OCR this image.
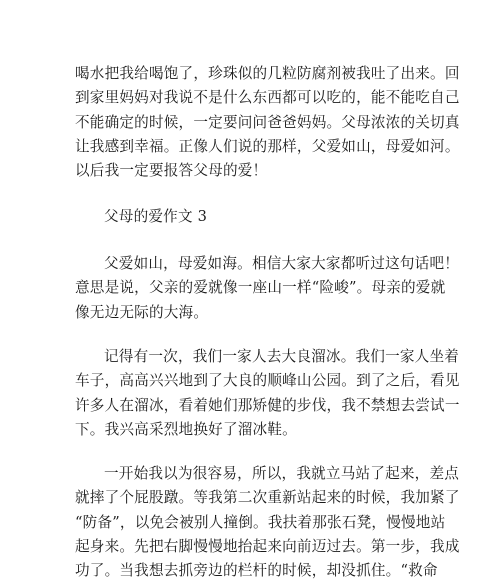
喝水把我给喝饱了，珍珠似的几粒防腐剂被我吐了出来。回
到家里妈妈对我说不是什么东西都可以吃的，能不能吃自己
不能确定的时候，一定要问问爸爸妈妈。父母浓浓的关切真
让我感到幸福。正像人们说的那样，父爱如山，母爱如河。
以后我一定要报答父母的爱！

父母的爱作文 3

父爱如山，母爱如海。相信大家大家都听过这句话吧！
意思是说，父亲的爱就像一座山一样“险峻”。母亲的爱就
像无边无际的大海。

记得有一次，我们一家人去大良溜冰。我们一家人坐着
车子，高高兴兴地到了大良的顺峰山公园。到了之后，看见
许多人在溜冰，看着她们那矫健的步伐，我不禁想去尝试一
下。我兴高采烈地换好了溜冰鞋。

一开始我以为很容易，所以，我就立马站了起来，差点
就摔了个屁股蹾。等我第二次重新站起来的时候，我加紧了
“防备”，以免会被别人撞倒。我扶着那张石凳，慢慢地站
起身来。先把右脚慢慢地抬起来向前迈过去。第一步，我成
功了。当我想去抓旁边的栏杆的时候，却没抓住。“救命
